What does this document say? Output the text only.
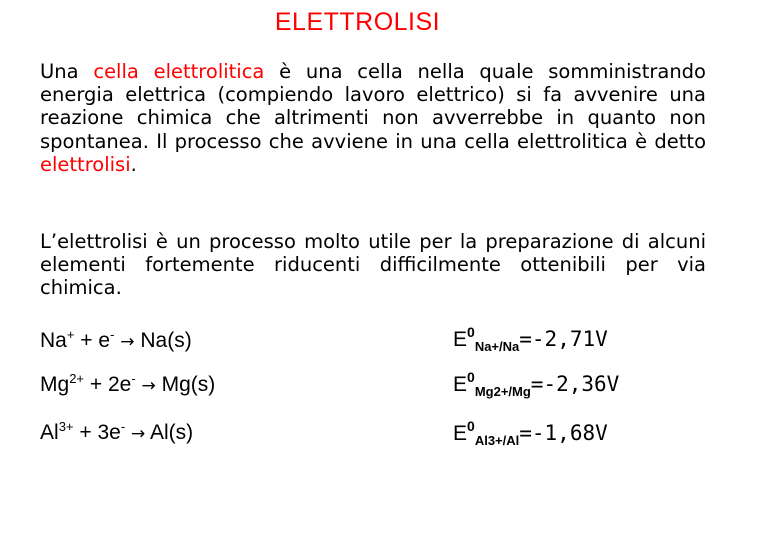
ELETTROLISI

Una cella elettrolitica è una cella nella quale somministrando energia elettrica (compiendo lavoro elettrico) si fa avvenire una reazione chimica che altrimenti non avverrebbe in quanto non spontanea. Il processo che avviene in una cella elettrolitica è detto elettrolisi.

L’elettrolisi è un processo molto utile per la preparazione di alcuni elementi fortemente riducenti difficilmente ottenibili per via chimica.

Na+ + e- → Na(s)	$E^0_{Na+/Na}=-2,71V$
$Mg^{2+} + 2e^- \to Mg(s)$	$E^0_{Mg2+/Mg}=-2,36V$
$Al^{3+} + 3e^- \to Al(s)$	$E^0_{Al3+/Al}=-1,68V$
